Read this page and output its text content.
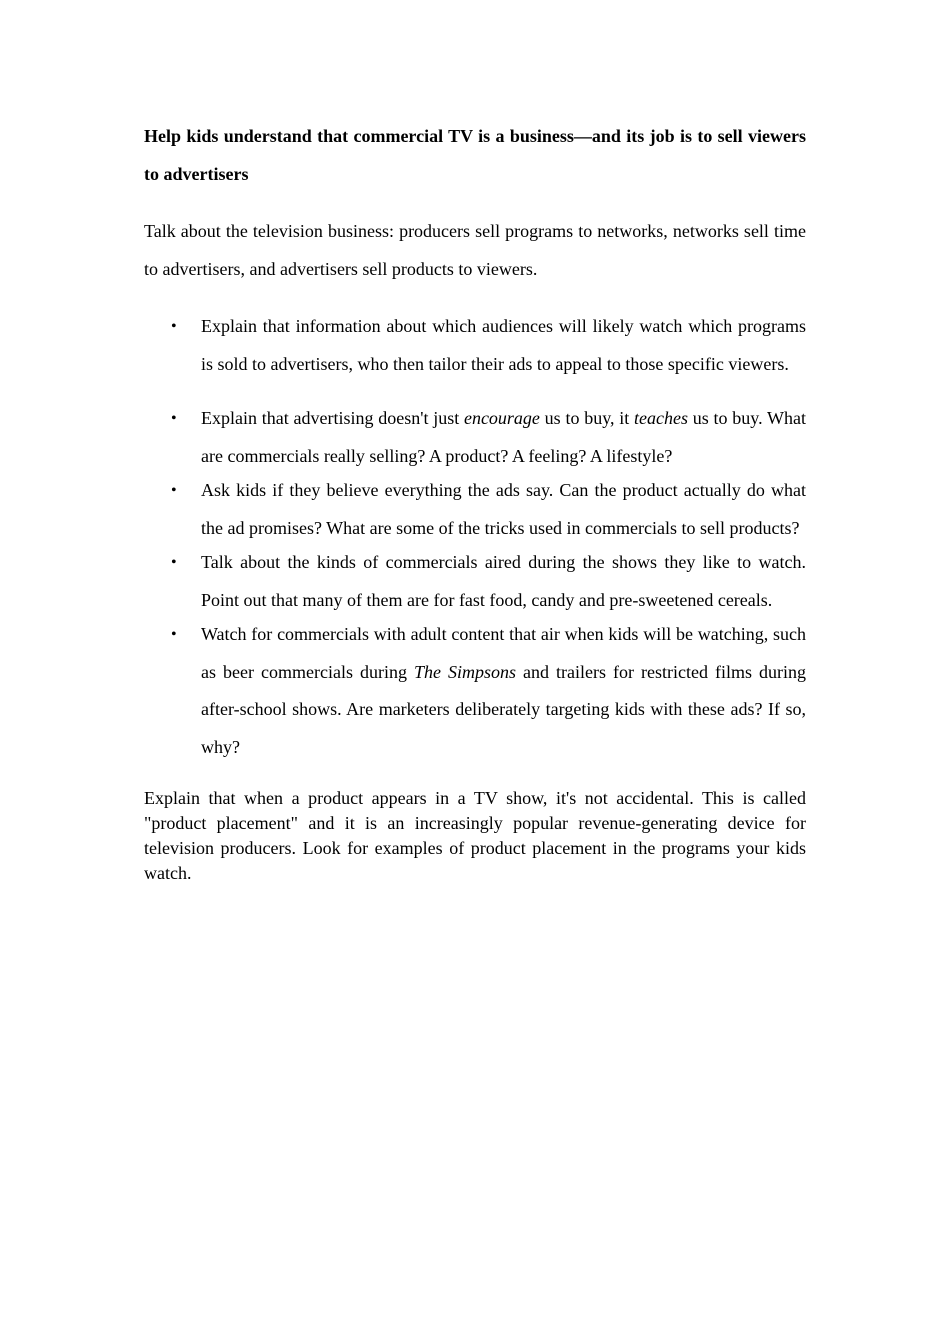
Help kids understand that commercial TV is a business—and its job is to sell viewers to advertisers

Talk about the television business: producers sell programs to networks, networks sell time to advertisers, and advertisers sell products to viewers.

• Explain that information about which audiences will likely watch which programs is sold to advertisers, who then tailor their ads to appeal to those specific viewers.
• Explain that advertising doesn't just encourage us to buy, it teaches us to buy. What are commercials really selling? A product? A feeling? A lifestyle?
• Ask kids if they believe everything the ads say. Can the product actually do what the ad promises? What are some of the tricks used in commercials to sell products?
• Talk about the kinds of commercials aired during the shows they like to watch. Point out that many of them are for fast food, candy and pre-sweetened cereals.
• Watch for commercials with adult content that air when kids will be watching, such as beer commercials during The Simpsons and trailers for restricted films during after-school shows. Are marketers deliberately targeting kids with these ads? If so, why?

Explain that when a product appears in a TV show, it's not accidental. This is called "product placement" and it is an increasingly popular revenue-generating device for television producers. Look for examples of product placement in the programs your kids watch.
